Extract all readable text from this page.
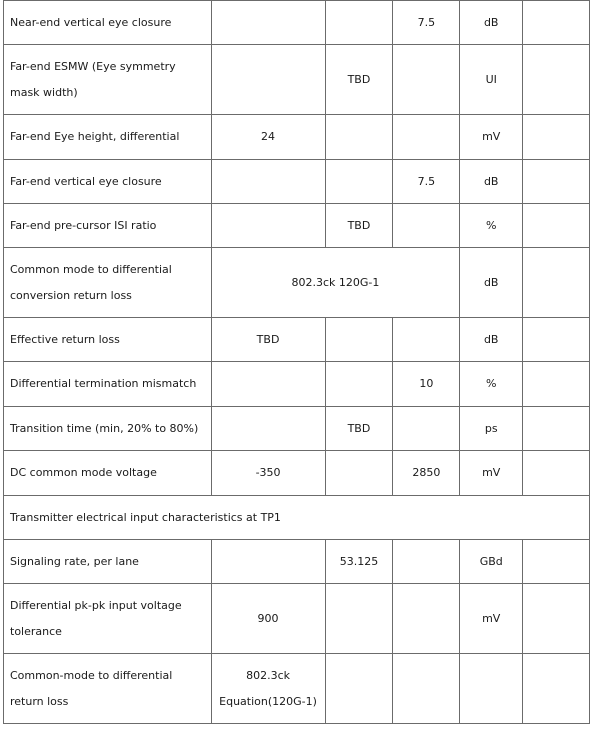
Near-end vertical eye closure			7.5	dB	
Far-end ESMW (Eye symmetry mask width)		TBD		UI	
Far-end Eye height, differential	24			mV	
Far-end vertical eye closure			7.5	dB	
Far-end pre-cursor ISI ratio		TBD		%	
Common mode to differential conversion return loss	802.3ck 120G-1			dB	
Effective return loss	TBD			dB	
Differential termination mismatch			10	%	
Transition time (min, 20% to 80%)		TBD		ps	
DC common mode voltage	-350		2850	mV	
Transmitter electrical input characteristics at TP1					
Signaling rate, per lane		53.125		GBd	
Differential pk-pk input voltage tolerance	900			mV	
Common-mode to differential return loss	802.3ck Equation(120G-1)				
